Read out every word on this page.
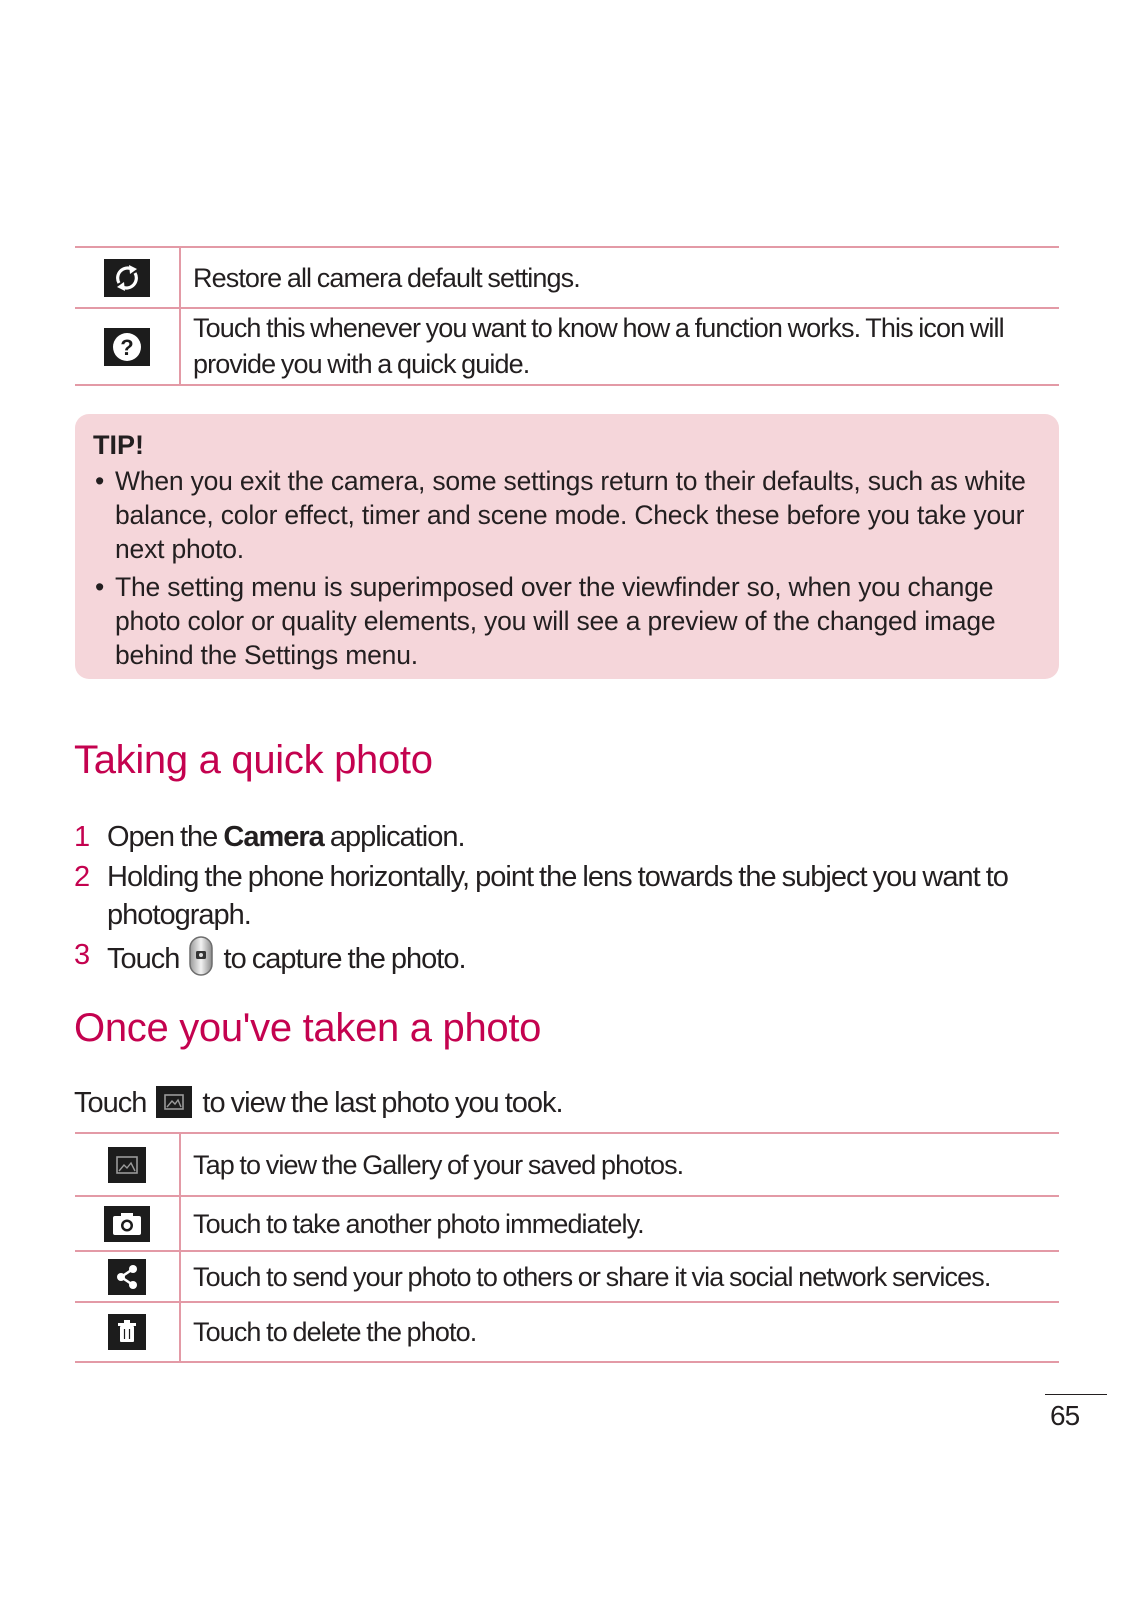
Restore all camera default settings.
?
Touch this whenever you want to know how a function works. This icon will provide you with a quick guide.
TIP!
• When you exit the camera, some settings return to their defaults, such as white balance, color effect, timer and scene mode. Check these before you take your next photo.
• The setting menu is superimposed over the viewfinder so, when you change photo color or quality elements, you will see a preview of the changed image behind the Settings menu.
Taking a quick photo
1 Open the Camera application.
2 Holding the phone horizontally, point the lens towards the subject you want to photograph.
3 Touch  to capture the photo.
Once you've taken a photo
Touch to view the last photo you took.
Tap to view the Gallery of your saved photos.
Touch to take another photo immediately.
Touch to send your photo to others or share it via social network services.
Touch to delete the photo.
65
